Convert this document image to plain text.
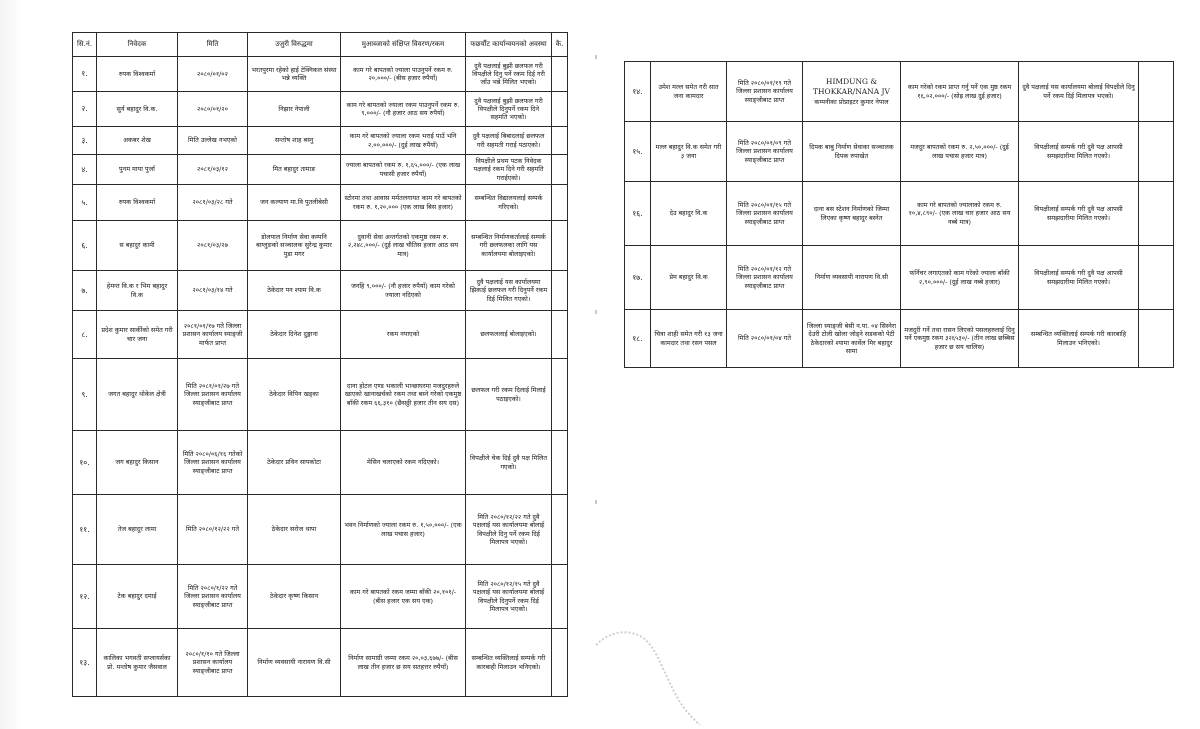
सि.नं.	निवेदक	मिति	उजुरी विरुद्धमा	मुआब्जाको संक्षिप्त विवरण/रकम	फछर्यौट कार्यान्वयनको अवस्था	कै.
१.	रुपक विश्वकर्मा	२०८०/०१/०२	भरतपुरमा रहेको हाई टेक्निकल संस्था भन्ने व्यक्ति	काम गरे बापतको ज्याला पाउनुपर्ने रकम रु. २०,०००/- (बीस हजार रुपैयाँ)	दुवै पक्षलाई बुझी छलफल गरी विपक्षीले दिनु पर्ने रकम दिई गरी जाँउ भन्ने मिलित भएको।	
२.	सुर्य बहादुर वि.क.	२०८०/०१/२०	निझार नेपाली	काम गरे बापतको ज्याला रकम पाउनुपर्ने रकम रु. ९,०००/- (नौ हजार आठ सय रुपैयाँ)	दुवै पक्षलाई बुझी छलफल गरी विपक्षीले दिनुपर्ने रकम दिने सहमति भएको।	
३.	अकबर शेख	मिति उल्लेख नभएको	सन्तोष शाह बस्नु	काम गरे बापतको ज्याला रकम भराई पाउँ भनि २,००,०००/- (दुई लाख रुपैयाँ)	दुवै पक्षलाई बिबादलाई छलफल गरी सहमती गराई पठाएको।	
४.	पुनम माया पुर्जा	२०८१/०३/१२	मित बहादुर तामाङ	ज्याला बापतको रकम रु. १,६५,०००/- (एक लाख पचासी हजार रुपैयाँ)	विपक्षीले प्रथम पटक निवेदक पक्षलाई रकम दिने गरी सहमति गराईएको।	
५.	रुपक विश्वकर्मा	२०८१/०३/२८ गते	जन कल्याण मा.वि पुतलीबेसी	स्टोरमा तथा आवास मर्मतलगायत काम गरे बापतको रकम रु. १,२०,००० (एक लाख बिस हजार)	सम्बन्धित विद्यालयलाई सम्पर्क गरिएको।	
६.	स बहादुर कामी	२०८१/०३/२७	डोलपाल निर्माण सेवा कम्पनि बाग्लुङको सञ्चालक सुरेन्द्र कुमार पुडा मगर	दुवानी सेवा अन्तर्गतको एकमुष्ठ रकम रु. २,२४८,०००/- (दुई लाख चौतिस हजार आठ सय मात्र)	सम्बन्धित निर्माणकर्तालाई सम्पर्क गरी छलफलका लागि यस कार्यालयमा बोलाइएको।	
७.	हेमन्त वि.क र भिम बहादुर वि.क	२०८१/०३/१४ गते	ठेकेदार पन श्याम वि.क	जनहि ९,०००/- (नौ हजार रुपैयाँ) काम गरेको ज्याला नदिएको	दुवै पक्षलाई यस कार्यालयमा झिकाई छलफल गरी दिनुपर्ने रकम दिई मिलित गएको।	
८.	प्रदेश कुमार सार्कीको समेत गरी चार जना	२०८१/०१/१७ गते जिल्ला प्रशासन कार्यालय स्याङ्जी मार्फत प्राप्त	ठेकेदार दिनेश दुङ्गाना	रकम नपाएको	छलफललाई बोलाइएको।	
९.	जगत बहादुर थोकेल क्षेत्री	मिति २०८१/०१/२७ गते जिल्ला प्रशासन कार्यालय स्याङ्जीबाट प्राप्त	ठेकेदार विपिन खड्का	दाना होटल एण्ड भकाली भान्छाघरमा मजदुरहरुले खाएको खानाखर्चको रकम तथा बस्ने गरेको एकमुष्ठ बाँकी रकम ६६,३१० (छैसठ्ठी हजार तीन सय दस)	छलफल गरी रकम दिलाई मिलाई पठाइएको।	
१०.	जग बहादुर किसान	मिति २०८०/०६/१६ गतेको जिल्ला प्रशासन कार्यालय स्याङ्जीबाट प्राप्त	ठेकेदार प्रविन सापकोटा	मेसिन चलाएको रकम नदिएको।	विपक्षीले चेक दिई दुवै पक्ष मिलित गएको।	
११.	तेज बहादुर लामा	मिति २०८०/१२/२२ गते	ठेकेदार सरोज थापा	भवन निर्माणको ज्याला रकम रु. १,५०,०००/- (एक लाख पचास हजार)	मिति २०८०/१२/२२ गते दुवै पक्षलाई यस कार्यालयमा बोलाई विपक्षीले दिनु पर्ने रकम दिई मिलापत्र भएको।	
१२.	टेक बहादुर दमाई	मिति २०८०/१/२२ गते जिल्ला प्रशासन कार्यालय स्याङ्जीबाट प्राप्त	ठेकेदार कृष्ण किसान	काम गरे बापतको रकम जम्मा बाँकी २०,१०१/- (बीस हजार एक सय एक)	मिति २०८०/१२/१५ गते दुवै पक्षलाई यस कार्यालयमा बोलाई विपक्षीले दिनुपर्ने रकम दिई मिलापत्र भएको।	
१३.	कालिका भगवती सप्लायर्सका प्रो. मन्तोष कुमार जैसवाल	२०८०/१/१० गते जिल्ला प्रशासन कार्यालय स्याङ्जीबाट प्राप्त	निर्माण व्यवसायी नारायण वि.सी	निर्माण सामाग्री जम्मा रकम २०,०३,६७७/- (बीस लाख तीन हजार छ सय सतहत्तर रुपैयाँ)	सम्बन्धित व्यक्तिलाई सम्पर्क गरी कारबाही मिलाउन भनिएको।	
१४.	उमेश मल्ल समेत गरी सात जना कामदार	मिति २०८०/०१/१९ गते जिल्ला प्रशासन कार्यालय स्याङ्जीबाट प्राप्त	HIMDUNG & THOKKAR/NANA JV
कम्पनीका प्रोप्राइटर कुमार नेपाल	काम गरेको रकम प्राप्त गर्नु पर्ने एक मुष्ठ रकम १६,०२,०००/- (सोह्र लाख दुई हजार)	दुवै पक्षलाई यस कार्यालयमा बोलाई विपक्षीले दिनु पर्ने रकम दिई मिलापत्र भएको।	
१५.	मल्ल बहादुर वि.क समेत गरी ३ जना	मिति २०८०/०१/०९ गते जिल्ला प्रशासन कार्यालय स्याङ्जीबाट प्राप्त	दिपक बाबु निर्माण सेवाका सञ्चालक दिपक रुपाखेत	मजदुर बापतको रकम रु. २,५०,०००/- (दुई लाख पचास हजार मात्र)	विपक्षीलाई सम्पर्क गरी दुवै पक्ष आपसी समझदारीमा मिलित गएको।	
१६.	देउ बहादुर वि.क	मिति २०८०/०१/१५ गते जिल्ला प्रशासन कार्यालय स्याङ्जीबाट प्राप्त	दाना बस स्टेशन निर्माणको जिम्मा लिएका कृष्ण बहादुर बस्नेत	काम गरे बापतको ज्यालाको रकम रु. १०,४,८९०/- (एक लाख चार हजार आठ सय नब्बे मात्र)	विपक्षीलाई सम्पर्क गरी दुवै पक्ष आपसी समझदारीमा मिलित गएको।	
१७.	प्रेम बहादुर वि.क	मिति २०८०/०१/१२ गते जिल्ला प्रशासन कार्यालय स्याङ्जीबाट प्राप्त	निर्माण व्यवसायी नारायण वि.सी	फर्निचर लगाएतको काम गरेको ज्याला बाँकी २,९०,०००/- (दुई लाख नब्बे हजार)	विपक्षीलाई सम्पर्क गरी दुवै पक्ष आपसी समझदारीमा मिलित गएको।	
१८.	चित्रा शाही समेत गरी १३ जना कामदार तथा रसन पसल	मिति २०८०/०१/०४ गते	जिल्ला स्याङ्जी बेसी न.पा. ०४ सिस्नेरा देउरी टोली खोला जोड्ने सडकको पेटी ठेकेदारको श्यामा कार्वेल मिर बहादुर सामा	मजदुरी गर्ने तथा रासन लिएको पसलहरुलाई दिनु पर्ने एकमुष्ठ रकम ३२६५३०/- (तीन लाख छब्बिस हजार छ सय चालिस)	सम्बन्धित व्यक्तिलाई सम्पर्क गरी कारबाहि मिलाउन भनिएको।	
